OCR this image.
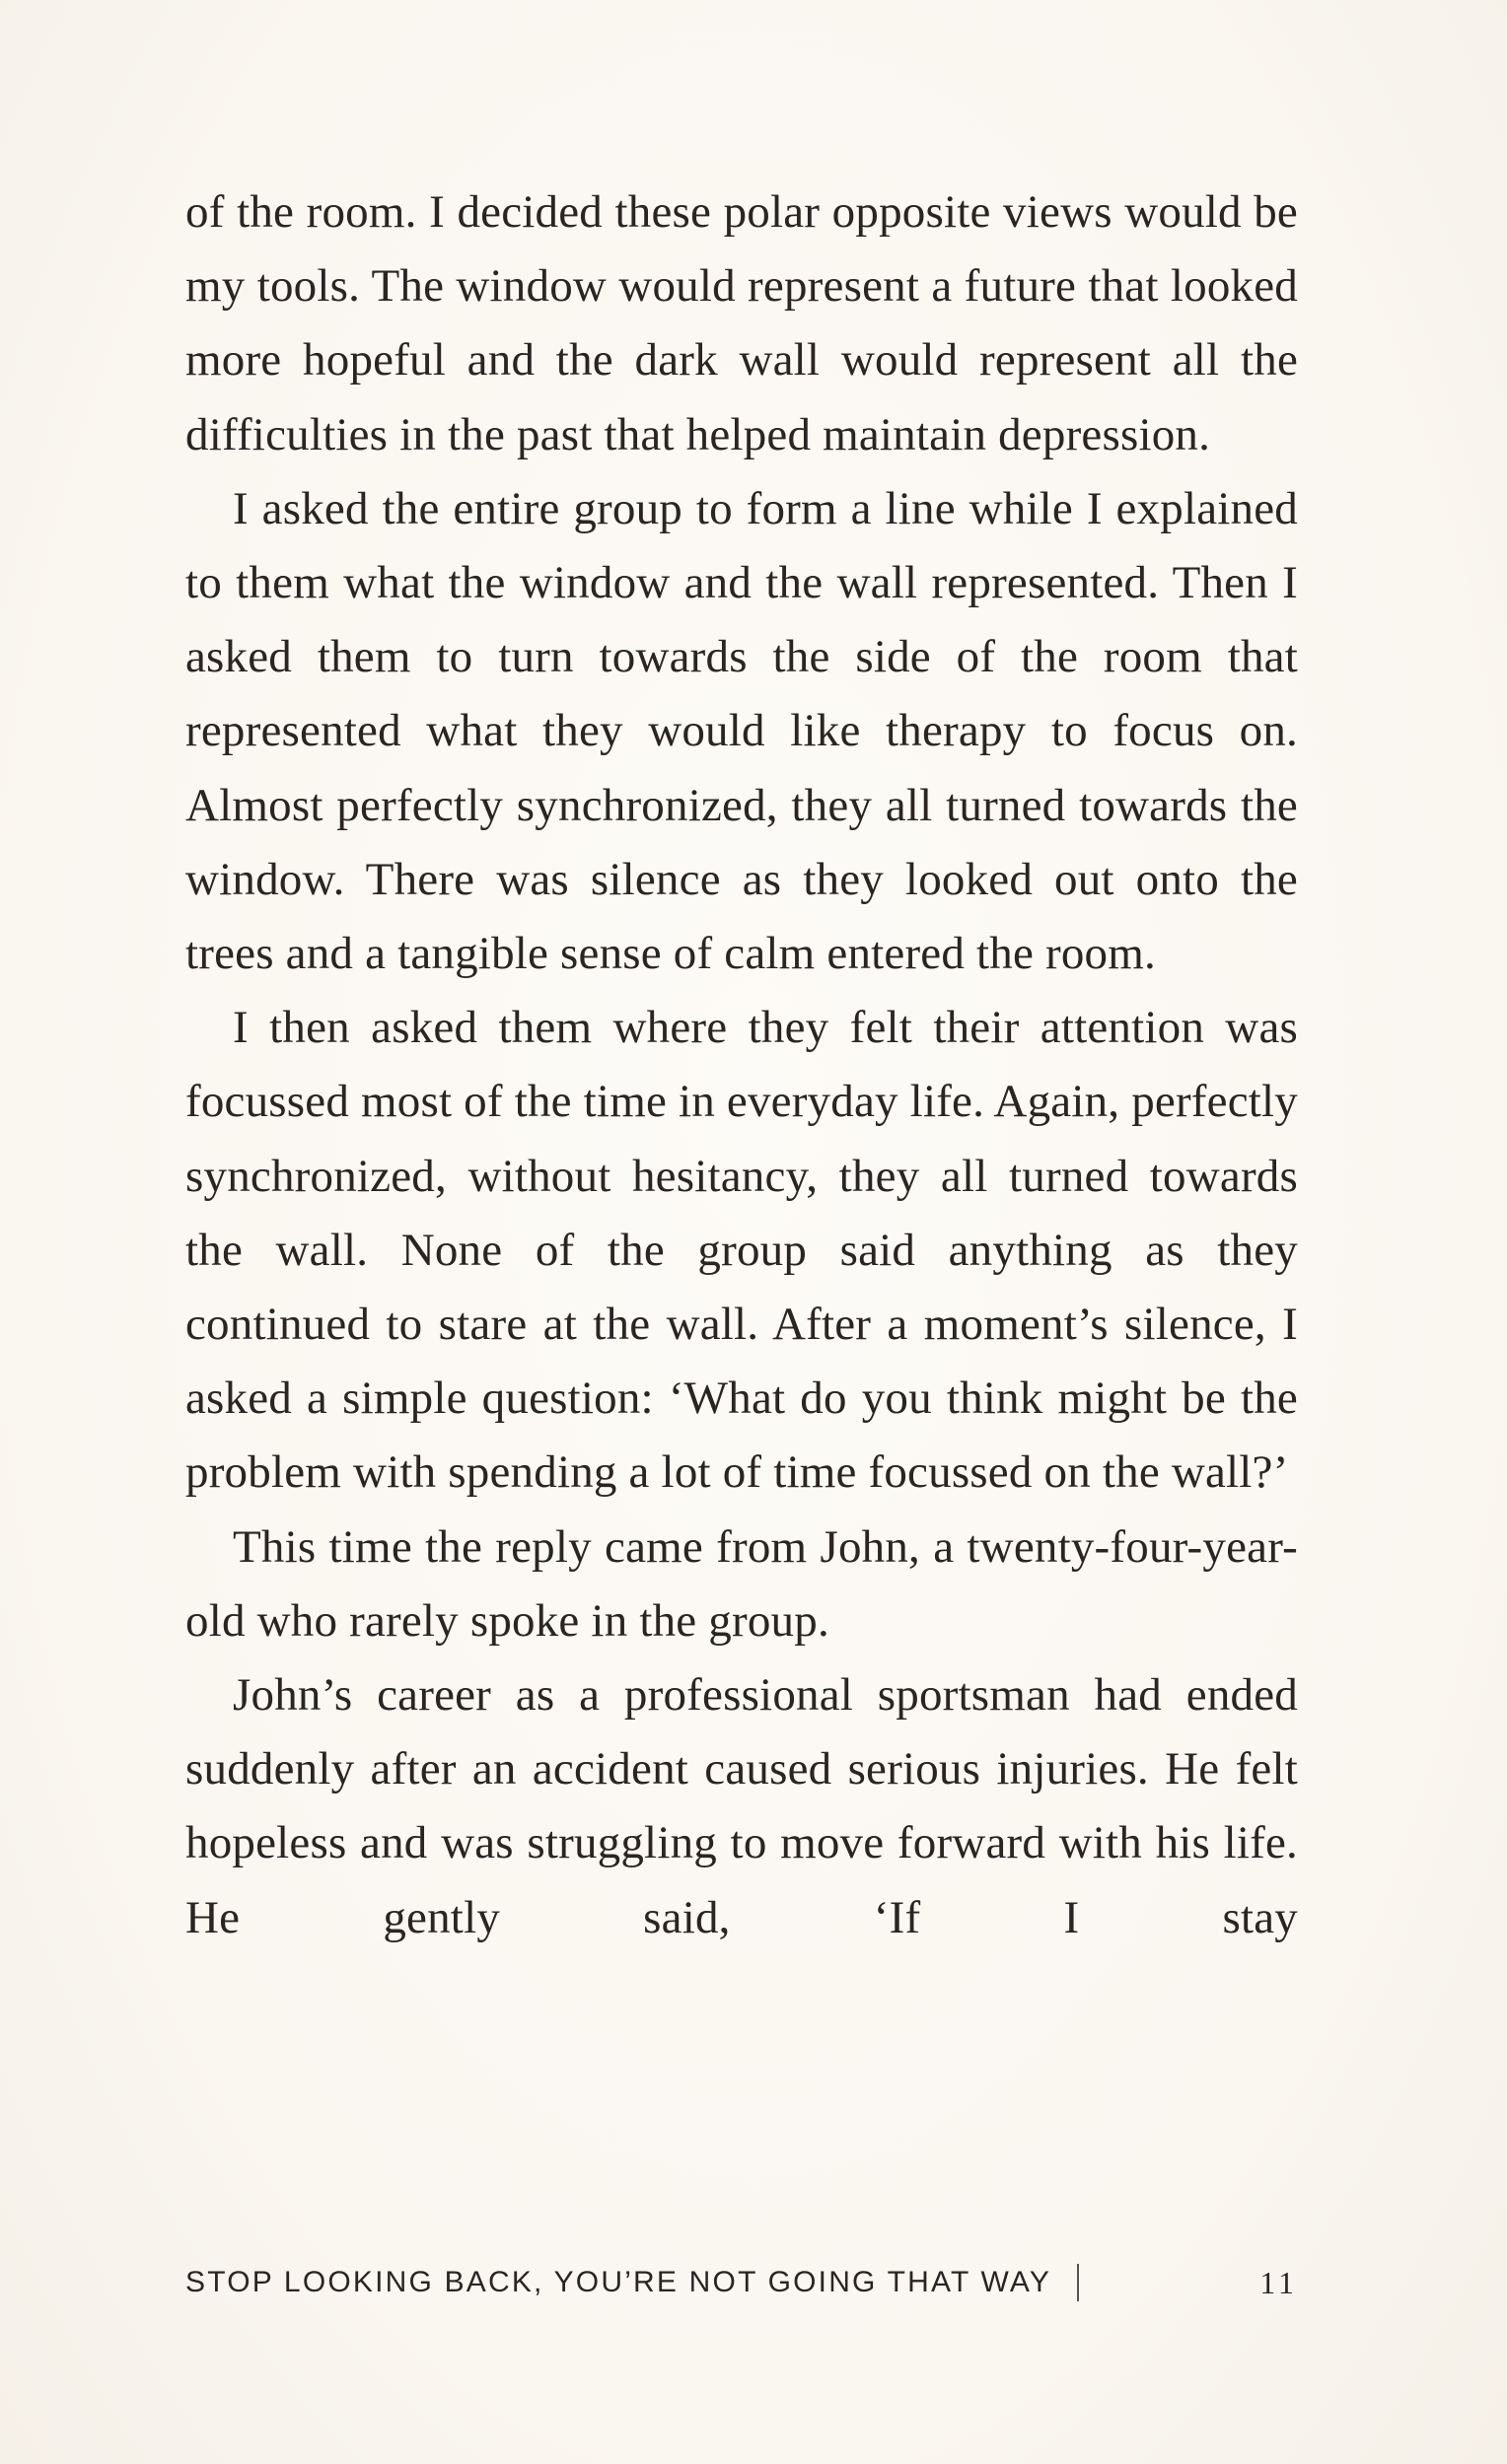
of the room. I decided these polar opposite views would be my tools. The window would represent a future that looked more hopeful and the dark wall would represent all the difficulties in the past that helped maintain depression.

I asked the entire group to form a line while I explained to them what the window and the wall represented. Then I asked them to turn towards the side of the room that represented what they would like therapy to focus on. Almost perfectly synchronized, they all turned towards the window. There was silence as they looked out onto the trees and a tangible sense of calm entered the room.

I then asked them where they felt their attention was focussed most of the time in everyday life. Again, perfectly synchronized, without hesitancy, they all turned towards the wall. None of the group said anything as they continued to stare at the wall. After a moment’s silence, I asked a simple question: ‘What do you think might be the problem with spending a lot of time focussed on the wall?’

This time the reply came from John, a twenty-four-year-old who rarely spoke in the group.

John’s career as a professional sportsman had ended suddenly after an accident caused serious injuries. He felt hopeless and was struggling to move forward with his life. He gently said, ‘If I stay

STOP LOOKING BACK, YOU’RE NOT GOING THAT WAY	11
